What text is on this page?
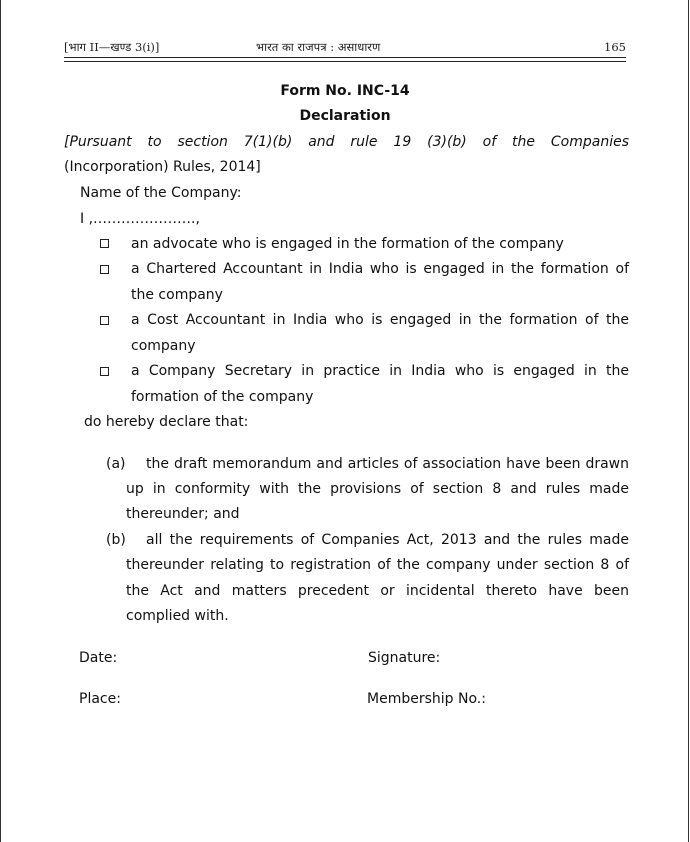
[भाग II—खण्ड 3(i)]	भारत का राजपत्र : असाधारण	165
Form No. INC-14
Declaration
[Pursuant to section 7(1)(b) and rule 19 (3)(b) of the Companies
(Incorporation) Rules, 2014]
Name of the Company:
I ,………………….,
an advocate who is engaged in the formation of the company
a Chartered Accountant in India who is engaged in the formation of
the company
a Cost Accountant in India who is engaged in the formation of the
company
a Company Secretary in practice in India who is engaged in the
formation of the company
do hereby declare that:
(a) the draft memorandum and articles of association have been drawn
up in conformity with the provisions of section 8 and rules made
thereunder; and
(b) all the requirements of Companies Act, 2013 and the rules made
thereunder relating to registration of the company under section 8 of
the Act and matters precedent or incidental thereto have been
complied with.
Date:	Signature:
Place:	Membership No.:
